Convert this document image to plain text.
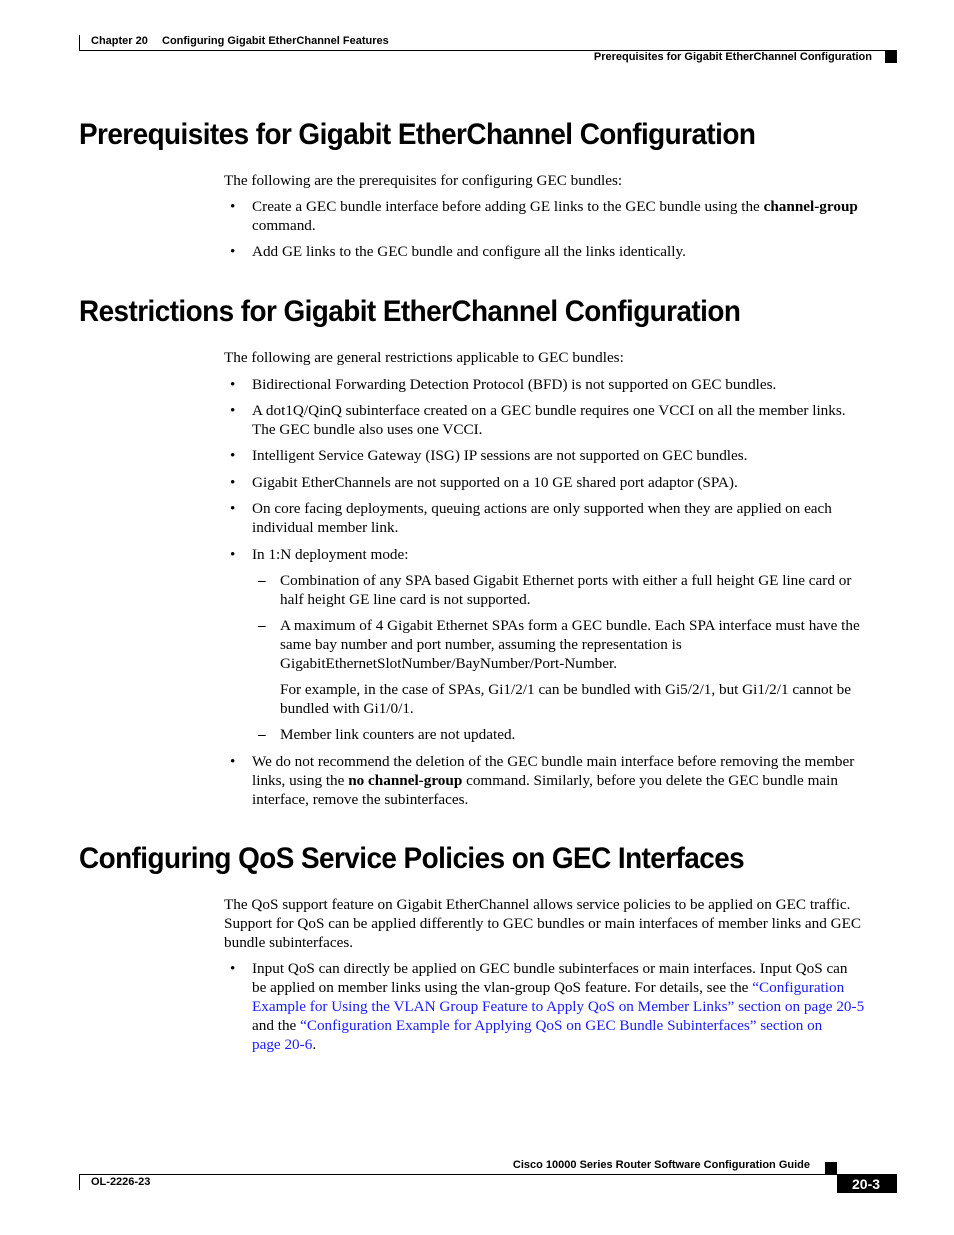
Chapter 20 Configuring Gigabit EtherChannel Features
Prerequisites for Gigabit EtherChannel Configuration
Prerequisites for Gigabit EtherChannel Configuration
The following are the prerequisites for configuring GEC bundles:
• Create a GEC bundle interface before adding GE links to the GEC bundle using the channel-group
command.
• Add GE links to the GEC bundle and configure all the links identically.
Restrictions for Gigabit EtherChannel Configuration
The following are general restrictions applicable to GEC bundles:
• Bidirectional Forwarding Detection Protocol (BFD) is not supported on GEC bundles.
• A dot1Q/QinQ subinterface created on a GEC bundle requires one VCCI on all the member links.
The GEC bundle also uses one VCCI.
• Intelligent Service Gateway (ISG) IP sessions are not supported on GEC bundles.
• Gigabit EtherChannels are not supported on a 10 GE shared port adaptor (SPA).
• On core facing deployments, queuing actions are only supported when they are applied on each
individual member link.
• In 1:N deployment mode:
– Combination of any SPA based Gigabit Ethernet ports with either a full height GE line card or
half height GE line card is not supported.
– A maximum of 4 Gigabit Ethernet SPAs form a GEC bundle. Each SPA interface must have the
same bay number and port number, assuming the representation is
GigabitEthernetSlotNumber/BayNumber/Port-Number.
For example, in the case of SPAs, Gi1/2/1 can be bundled with Gi5/2/1, but Gi1/2/1 cannot be
bundled with Gi1/0/1.
– Member link counters are not updated.
• We do not recommend the deletion of the GEC bundle main interface before removing the member
links, using the no channel-group command. Similarly, before you delete the GEC bundle main
interface, remove the subinterfaces.
Configuring QoS Service Policies on GEC Interfaces
The QoS support feature on Gigabit EtherChannel allows service policies to be applied on GEC traffic.
Support for QoS can be applied differently to GEC bundles or main interfaces of member links and GEC
bundle subinterfaces.
• Input QoS can directly be applied on GEC bundle subinterfaces or main interfaces. Input QoS can
be applied on member links using the vlan-group QoS feature. For details, see the “Configuration
Example for Using the VLAN Group Feature to Apply QoS on Member Links” section on page 20-5
and the “Configuration Example for Applying QoS on GEC Bundle Subinterfaces” section on
page 20-6.
Cisco 10000 Series Router Software Configuration Guide
OL-2226-23	20-3
